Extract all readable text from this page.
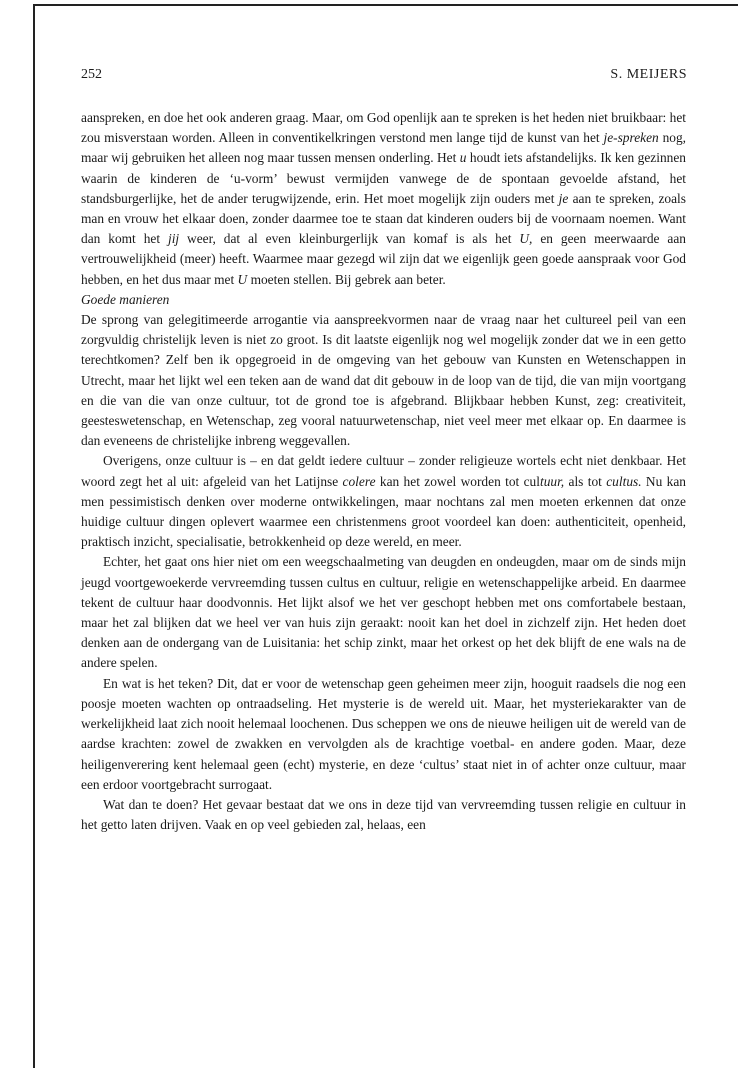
252	S. MEIJERS

aanspreken, en doe het ook anderen graag. Maar, om God openlijk aan te spreken is het heden niet bruikbaar: het zou misverstaan worden. Alleen in conventikelkringen verstond men lange tijd de kunst van het je-spreken nog, maar wij gebruiken het alleen nog maar tussen mensen onderling. Het u houdt iets afstandelijks. Ik ken gezinnen waarin de kinderen de ‘u-vorm’ bewust vermijden vanwege de de spontaan gevoelde afstand, het standsburgerlijke, het de ander terugwijzende, erin. Het moet mogelijk zijn ouders met je aan te spreken, zoals man en vrouw het elkaar doen, zonder daarmee toe te staan dat kinderen ouders bij de voornaam noemen. Want dan komt het jij weer, dat al even kleinburgerlijk van komaf is als het U, en geen meerwaarde aan vertrouwelijkheid (meer) heeft. Waarmee maar gezegd wil zijn dat we eigenlijk geen goede aanspraak voor God hebben, en het dus maar met U moeten stellen. Bij gebrek aan beter.

Goede manieren

De sprong van gelegitimeerde arrogantie via aanspreekvormen naar de vraag naar het cultureel peil van een zorgvuldig christelijk leven is niet zo groot. Is dit laatste eigenlijk nog wel mogelijk zonder dat we in een getto terechtkomen? Zelf ben ik opgegroeid in de omgeving van het gebouw van Kunsten en Wetenschappen in Utrecht, maar het lijkt wel een teken aan de wand dat dit gebouw in de loop van de tijd, die van mijn voortgang en die van die van onze cultuur, tot de grond toe is afgebrand. Blijkbaar hebben Kunst, zeg: creativiteit, geesteswetenschap, en Wetenschap, zeg vooral natuurwetenschap, niet veel meer met elkaar op. En daarmee is dan eveneens de christelijke inbreng weggevallen.

Overigens, onze cultuur is – en dat geldt iedere cultuur – zonder religieuze wortels echt niet denkbaar. Het woord zegt het al uit: afgeleid van het Latijnse colere kan het zowel worden tot cultuur, als tot cultus. Nu kan men pessimistisch denken over moderne ontwikkelingen, maar nochtans zal men moeten erkennen dat onze huidige cultuur dingen oplevert waarmee een christenmens groot voordeel kan doen: authenticiteit, openheid, praktisch inzicht, specialisatie, betrokkenheid op deze wereld, en meer.

Echter, het gaat ons hier niet om een weegschaalmeting van deugden en ondeugden, maar om de sinds mijn jeugd voortgewoekerde vervreemding tussen cultus en cultuur, religie en wetenschappelijke arbeid. En daarmee tekent de cultuur haar doodvonnis. Het lijkt alsof we het ver geschopt hebben met ons comfortabele bestaan, maar het zal blijken dat we heel ver van huis zijn geraakt: nooit kan het doel in zichzelf zijn. Het heden doet denken aan de ondergang van de Luisitania: het schip zinkt, maar het orkest op het dek blijft de ene wals na de andere spelen.

En wat is het teken? Dit, dat er voor de wetenschap geen geheimen meer zijn, hooguit raadsels die nog een poosje moeten wachten op ontraadseling. Het mysterie is de wereld uit. Maar, het mysteriekarakter van de werkelijkheid laat zich nooit helemaal loochenen. Dus scheppen we ons de nieuwe heiligen uit de wereld van de aardse krachten: zowel de zwakken en vervolgden als de krachtige voetbal- en andere goden. Maar, deze heiligenverering kent helemaal geen (echt) mysterie, en deze ‘cultus’ staat niet in of achter onze cultuur, maar een erdoor voortgebracht surrogaat.

Wat dan te doen? Het gevaar bestaat dat we ons in deze tijd van vervreemding tussen religie en cultuur in het getto laten drijven. Vaak en op veel gebieden zal, helaas, een
